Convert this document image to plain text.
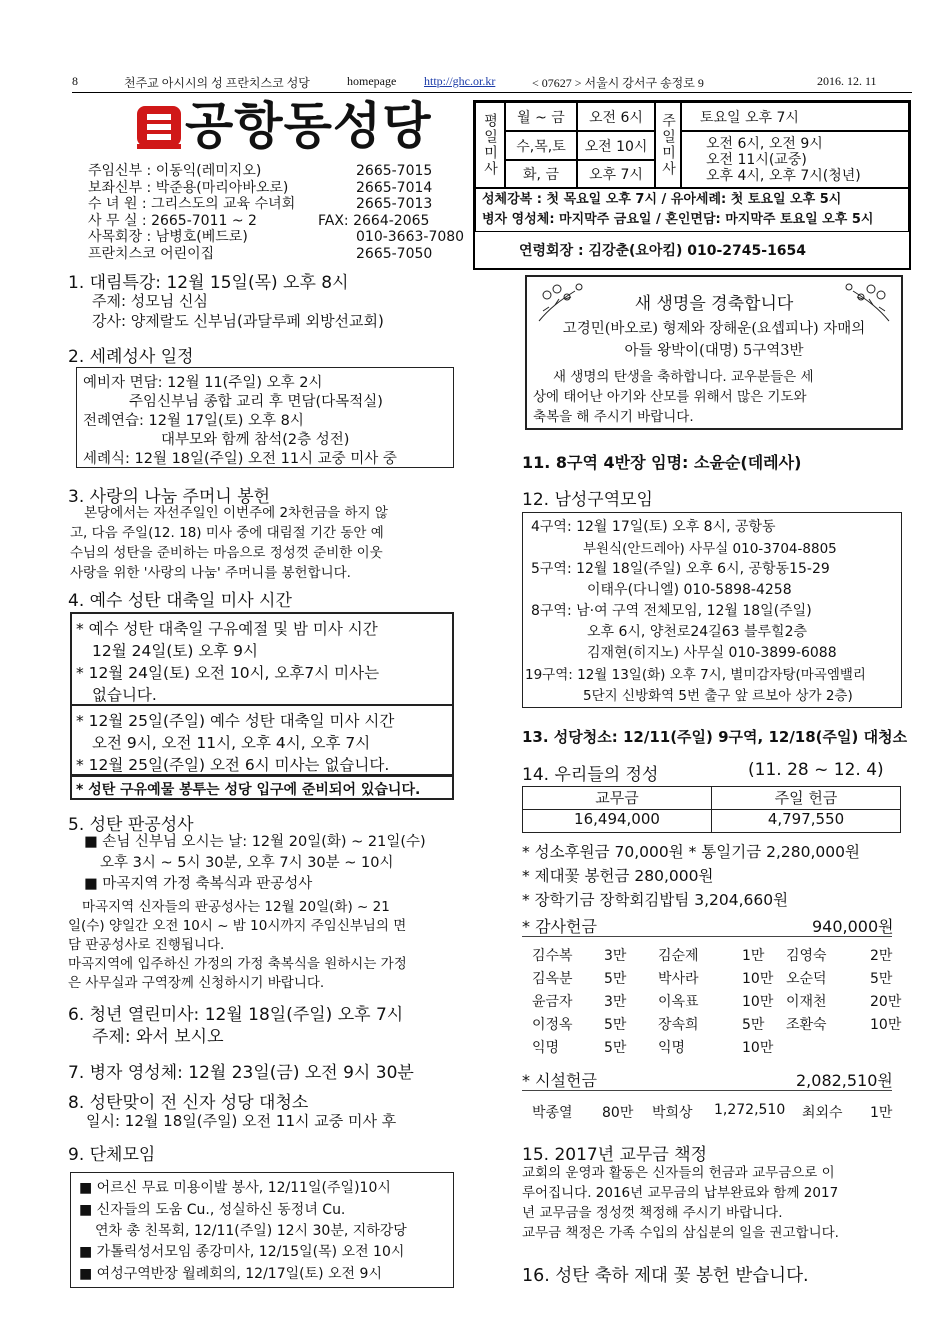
8	천주교 아시시의 성 프란치스코 성당	homepage http://ghc.or.kr	< 07627 > 서울시 강서구 송정로 9	2016. 12. 11
공항동성당
주임신부 : 이동익(레미지오)	2665-7015
보좌신부 : 박준용(마리아바오로)	2665-7014
수 녀 원 : 그리스도의 교육 수녀회	2665-7013
사 무 실 : 2665-7011 ~ 2	FAX: 2664-2065
사목회장 : 남병호(베드로)	010-3663-7080
프란치스코 어린이집	2665-7050
평일미사	월 ~ 금	오전 6시
수,목,토	오전 10시
화, 금	오후 7시	주일미사	토요일 오후 7시
오전 6시, 오전 9시
오전 11시(교중)
오후 4시, 오후 7시(청년)
성체강복 : 첫 목요일 오후 7시 / 유아세례: 첫 토요일 오후 5시
병자 영성체: 마지막주 금요일 / 혼인면담: 마지막주 토요일 오후 5시
연령회장 : 김강춘(요아킴) 010-2745-1654
1. 대림특강: 12월 15일(목) 오후 8시
주제: 성모님 신심
강사: 양제랄도 신부님(과달루페 외방선교회)
2. 세례성사 일정
예비자 면담: 12월 11(주일) 오후 2시
주임신부님 종합 교리 후 면담(다목적실)
전례연습: 12월 17일(토) 오후 8시
대부모와 함께 참석(2층 성전)
세례식: 12월 18일(주일) 오전 11시 교중 미사 중
3. 사랑의 나눔 주머니 봉헌
본당에서는 자선주일인 이번주에 2차헌금을 하지 않
고, 다음 주일(12. 18) 미사 중에 대림절 기간 동안 예
수님의 성탄을 준비하는 마음으로 정성껏 준비한 이웃
사랑을 위한 '사랑의 나눔' 주머니를 봉헌합니다.
4. 예수 성탄 대축일 미사 시간
* 예수 성탄 대축일 구유예절 및 밤 미사 시간
12월 24일(토) 오후 9시
* 12월 24일(토) 오전 10시, 오후7시 미사는
없습니다.
* 12월 25일(주일) 예수 성탄 대축일 미사 시간
오전 9시, 오전 11시, 오후 4시, 오후 7시
* 12월 25일(주일) 오전 6시 미사는 없습니다.
* 성탄 구유예물 봉투는 성당 입구에 준비되어 있습니다.
5. 성탄 판공성사
■ 손님 신부님 오시는 날: 12월 20일(화) ~ 21일(수)
오후 3시 ~ 5시 30분, 오후 7시 30분 ~ 10시
■ 마곡지역 가정 축복식과 판공성사
마곡지역 신자들의 판공성사는 12월 20일(화) ~ 21
일(수) 양일간 오전 10시 ~ 밤 10시까지 주임신부님의 면
담 판공성사로 진행됩니다.
마곡지역에 입주하신 가정의 가정 축복식을 원하시는 가정
은 사무실과 구역장께 신청하시기 바랍니다.
6. 청년 열린미사: 12월 18일(주일) 오후 7시
주제: 와서 보시오
7. 병자 영성체: 12월 23일(금) 오전 9시 30분
8. 성탄맞이 전 신자 성당 대청소
일시: 12월 18일(주일) 오전 11시 교중 미사 후
9. 단체모임
■ 어르신 무료 미용이발 봉사, 12/11일(주일)10시
■ 신자들의 도움 Cu., 성실하신 동정녀 Cu.
연차 총 친목회, 12/11(주일) 12시 30분, 지하강당
■ 가톨릭성서모임 종강미사, 12/15일(목) 오전 10시
■ 여성구역반장 월례회의, 12/17일(토) 오전 9시
새 생명을 경축합니다
고경민(바오로) 형제와 장해운(요셉피나) 자매의
아들 왕박이(대명) 5구역3반
새 생명의 탄생을 축하합니다. 교우분들은 세
상에 태어난 아기와 산모를 위해서 많은 기도와
축복을 해 주시기 바랍니다.
11. 8구역 4반장 임명: 소윤순(데레사)
12. 남성구역모임
4구역: 12월 17일(토) 오후 8시, 공항동
부원식(안드레아) 사무실 010-3704-8805
5구역: 12월 18일(주일) 오후 6시, 공항동15-29
이태우(다니엘) 010-5898-4258
8구역: 남·여 구역 전체모임, 12월 18일(주일)
오후 6시, 양천로24길63 블루힐2층
김재현(히지노) 사무실 010-3899-6088
19구역: 12월 13일(화) 오후 7시, 별미감자탕(마곡엠밸리
5단지 신방화역 5번 출구 앞 르보아 상가 2층)
13. 성당청소: 12/11(주일) 9구역, 12/18(주일) 대청소
14. 우리들의 정성	(11. 28 ~ 12. 4)
교무금	주일 헌금
16,494,000	4,797,550
* 성소후원금 70,000원 * 통일기금 2,280,000원
* 제대꽃 봉헌금 280,000원
* 장학기금 장학회김밥팀 3,204,660원
* 감사헌금	940,000원
김수복 3만 김순제	1만 김영숙	2만
김옥분 5만 박사라	10만 오순덕	5만
윤금자 3만 이옥표	10만 이재천	20만
이정옥 5만 장속희	5만 조환숙	10만
익명	5만 익명	10만
* 시설헌금	2,082,510원
박종열 80만 박희상 1,272,510 최외수 1만
15. 2017년 교무금 책정
교회의 운영과 활동은 신자들의 헌금과 교무금으로 이
루어집니다. 2016년 교무금의 납부완료와 함께 2017
년 교무금을 정성껏 책정해 주시기 바랍니다.
교무금 책정은 가족 수입의 삼십분의 일을 권고합니다.
16. 성탄 축하 제대 꽃 봉헌 받습니다.
